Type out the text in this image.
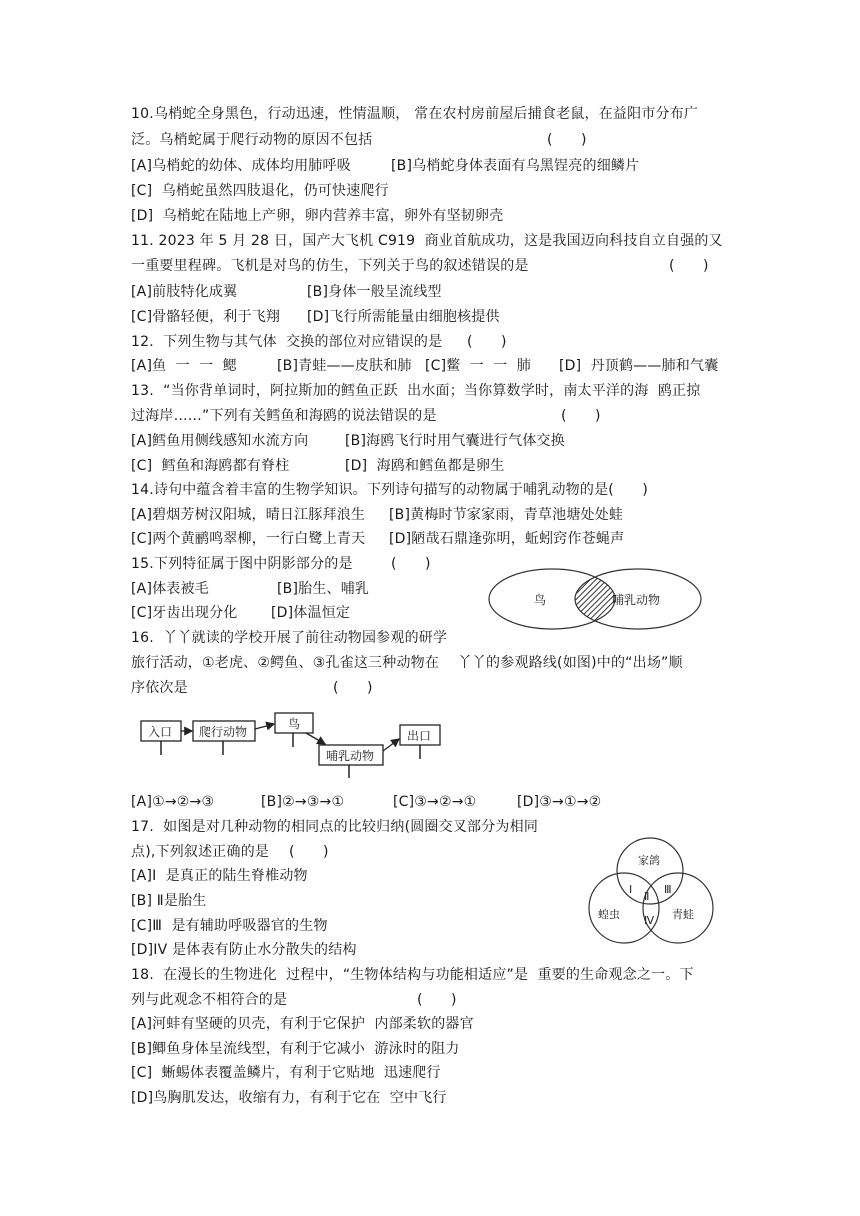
10.乌梢蛇全身黑色，行动迅速，性情温顺， 常在农村房前屋后捕食老鼠，在益阳市分布广
泛。乌梢蛇属于爬行动物的原因不包括	(　　)
[A]乌梢蛇的幼体、成体均用肺呼吸	[B]乌梢蛇身体表面有乌黑锃亮的细鳞片
[C]  乌梢蛇虽然四肢退化，仍可快速爬行
[D]  乌梢蛇在陆地上产卵，卵内营养丰富，卵外有坚韧卵壳
11. 2023 年 5 月 28 日，国产大飞机 C919  商业首航成功，这是我国迈向科技自立自强的又
一重要里程碑。飞机是对鸟的仿生，下列关于鸟的叙述错误的是	(　　)
[A]前肢特化成翼	[B]身体一般呈流线型
[C]骨骼轻便，利于飞翔 [D]飞行所需能量由细胞核提供
12.  下列生物与其气体  交换的部位对应错误的是 (　　)
[A]鱼  一  一  鳃	[B]青蛙——皮肤和肺 [C]鳖  一  一  肺 [D]  丹顶鹤——肺和气囊
13.  “当你背单词时，阿拉斯加的鳕鱼正跃  出水面；当你算数学时，南太平洋的海  鸥正掠
过海岸……”下列有关鳕鱼和海鸥的说法错误的是	(　　)
[A]鳕鱼用侧线感知水流方向	[B]海鸥飞行时用气囊进行气体交换
[C]  鳕鱼和海鸥都有脊柱	[D]  海鸥和鳕鱼都是卵生
14.诗句中蕴含着丰富的生物学知识。下列诗句描写的动物属于哺乳动物的是(　　)
[A]碧烟芳树汉阳城，晴日江豚拜浪生 [B]黄梅时节家家雨，青草池塘处处蛙
[C]两个黄鹂鸣翠柳，一行白鹭上青天 [D]陋哉石鼎逢弥明，蚯蚓窍作苍蝇声
15.下列特征属于图中阴影部分的是	(　　)
[A]体表被毛	[B]胎生、哺乳
[C]牙齿出现分化 [D]体温恒定
鸟	哺乳动物
16.  丫丫就读的学校开展了前往动物园参观的研学
旅行活动，①老虎、②鳄鱼、③孔雀这三种动物在    丫丫的参观路线(如图)中的“出场”顺
序依次是	(　　)
入口 爬行动物
鸟
哺乳动物
出口
[A]①→②→③	[B]②→③→①	[C]③→②→①	[D]③→①→②
17.  如图是对几种动物的相同点的比较归纳(圆圈交叉部分为相同
点),下列叙述正确的是 (　　)
[A]I  是真正的陆生脊椎动物
[B] Ⅱ是胎生
[C]Ⅲ  是有辅助呼吸器官的生物
[D]IV 是体表有防止水分散失的结构
家鸽
蝗虫	青蛙
I
Ⅱ
Ⅲ
Ⅳ
18.  在漫长的生物进化  过程中，“生物体结构与功能相适应”是  重要的生命观念之一。下
列与此观念不相符合的是	(　　)
[A]河蚌有坚硬的贝壳，有利于它保护  内部柔软的器官
[B]鲫鱼身体呈流线型，有利于它减小  游泳时的阻力
[C]  蜥蜴体表覆盖鳞片，有利于它贴地  迅速爬行
[D]鸟胸肌发达，收缩有力，有利于它在  空中飞行
